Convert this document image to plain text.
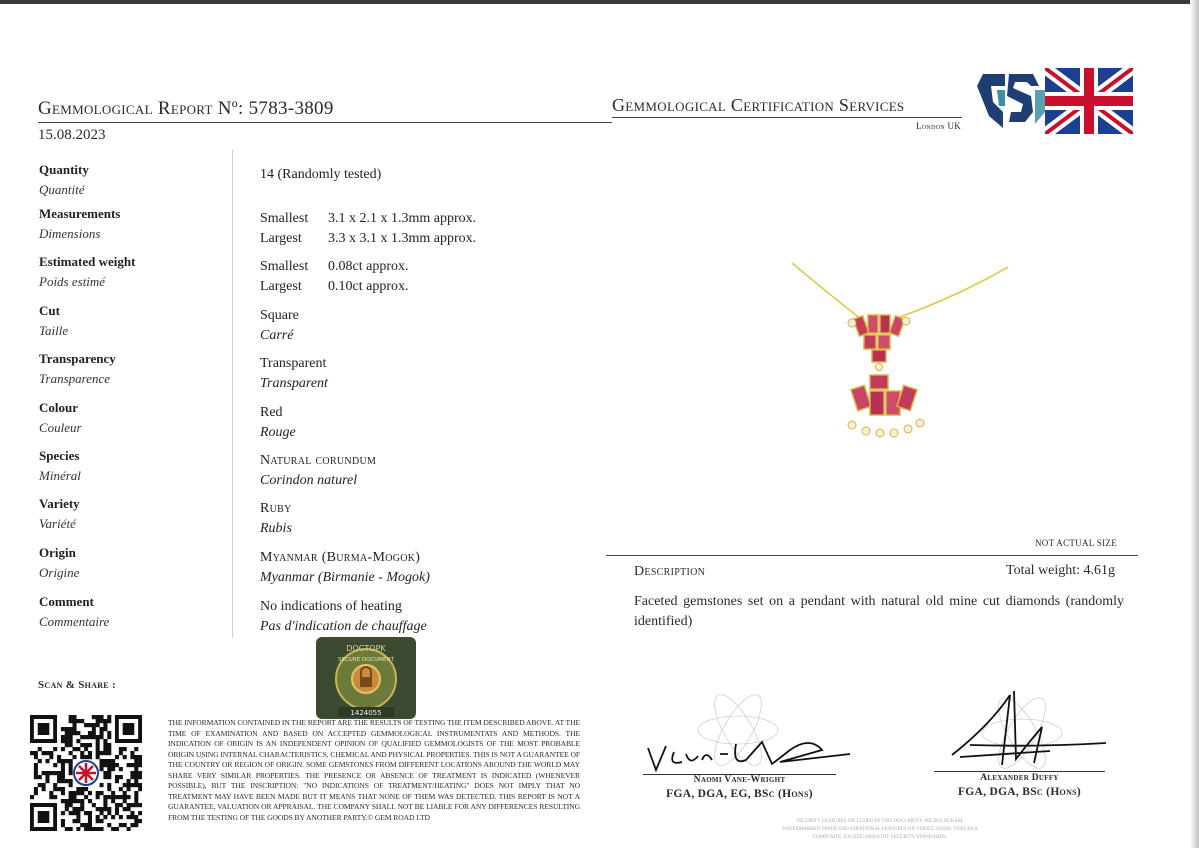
Gemmological Report Nº: 5783-3809
15.08.2023
Gemmological Certification Services
London UK
Quantity
Quantité
Measurements
Dimensions
Estimated weight
Poids estimé
Cut
Taille
Transparency
Transparence
Colour
Couleur
Species
Minéral
Variety
Variété
Origin
Origine
Comment
Commentaire
14 (Randomly tested)
Smallest 3.1 x 2.1 x 1.3mm approx.
Largest 3.3 x 3.1 x 1.3mm approx.
Smallest 0.08ct approx.
Largest 0.10ct approx.
Square
Carré
Transparent
Transparent
Red
Rouge
Natural corundum
Corindon naturel
Ruby
Rubis
Myanmar (Burma-Mogok)
Myanmar (Birmanie - Mogok)
No indications of heating
Pas d'indication de chauffage
NOT ACTUAL SIZE
Description	Total weight: 4.61g
Faceted gemstones set on a pendant with natural old mine cut diamonds (randomly identified)
Scan & Share :
DOCTOPK
SECURE DOCUMENT
1424055
THE INFORMATION CONTAINED IN THE REPORT ARE THE RESULTS OF TESTING THE ITEM DESCRIBED ABOVE. AT THE TIME OF EXAMINATION AND BASED ON ACCEPTED GEMMOLOGICAL INSTRUMENTATS AND METHODS. THE INDICATION OF ORIGIN IS AN INDEPENDENT OPINION OF QUALIFIED GEMMOLOGISTS OF THE MOST PROBABLE ORIGIN USING INTERNAL CHARACTERISTICS, CHEMICAL AND PHYSICAL PROPERTIES. THIS IS NOT A GUARANTEE OF THE COUNTRY OR REGION OF ORIGIN. SOME GEMSTONES FROM DIFFERENT LOCATIONS AROUND THE WORLD MAY SHARE VERY SIMILAR PROPERTIES. THE PRESENCE OR ABSENCE OF TREATMENT IS INDICATED (WHENEVER POSSIBLE), BUT THE INSCRIPTION: "NO INDICATIONS OF TREATMENT/HEATING" DOES NOT IMPLY THAT NO TREATMENT MAY HAVE BEEN MADE BUT IT MEANS THAT NONE OF THEM WAS DETECTED. THIS REPORT IS NOT A GUARANTEE, VALUATION OR APPRAISAL. THE COMPANY SHALL NOT BE LIABLE FOR ANY DIFFERENCES RESULTING FROM THE TESTING OF THE GOODS BY ANOTHER PARTY.© GEM ROAD LTD
Naomi Vane-Wright
FGA, DGA, EG, BSc (Hons)
Alexander Duffy
FGA, DGA, BSc (Hons)
SECURITY FEATURES INCLUDED IN THIS DOCUMENT: MICROLOGRAM, WATERMARKED PAPER AND ADDITIONAL FEATURES ON VERIFICATION, THAT AS A COMPOSITE, EXCEED INDUSTRY SECURITY STANDARDS.
